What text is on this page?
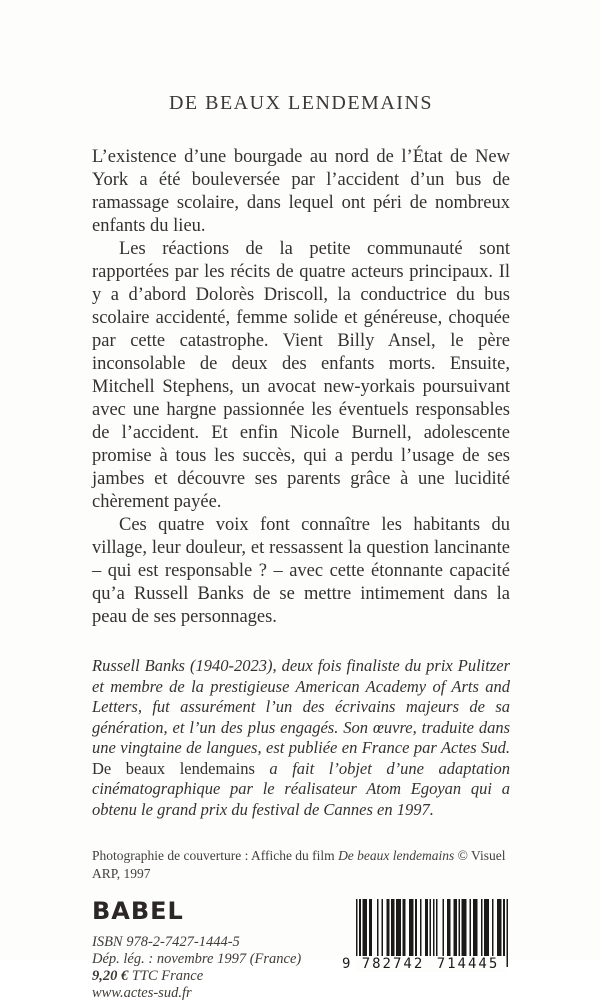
DE BEAUX LENDEMAINS

L’existence d’une bourgade au nord de l’État de New York a été bouleversée par l’accident d’un bus de ramassage scolaire, dans lequel ont péri de nombreux enfants du lieu.

Les réactions de la petite communauté sont rapportées par les récits de quatre acteurs principaux. Il y a d’abord Dolorès Driscoll, la conductrice du bus scolaire accidenté, femme solide et généreuse, choquée par cette catastrophe. Vient Billy Ansel, le père inconsolable de deux des enfants morts. Ensuite, Mitchell Stephens, un avocat new-yorkais poursuivant avec une hargne passionnée les éventuels responsables de l’accident. Et enfin Nicole Burnell, adolescente promise à tous les succès, qui a perdu l’usage de ses jambes et découvre ses parents grâce à une lucidité chèrement payée.

Ces quatre voix font connaître les habitants du village, leur douleur, et ressassent la question lancinante – qui est responsable ? – avec cette étonnante capacité qu’a Russell Banks de se mettre intimement dans la peau de ses personnages.

Russell Banks (1940-2023), deux fois finaliste du prix Pulitzer et membre de la prestigieuse American Academy of Arts and Letters, fut assurément l’un des écrivains majeurs de sa génération, et l’un des plus engagés. Son œuvre, traduite dans une vingtaine de langues, est publiée en France par Actes Sud. De beaux lendemains a fait l’objet d’une adaptation cinématographique par le réalisateur Atom Egoyan qui a obtenu le grand prix du festival de Cannes en 1997.
Photographie de couverture : Affiche du film De beaux lendemains © Visuel ARP, 1997

BABEL

ISBN 978-2-7427-1444-5

Dép. lég. : novembre 1997 (France)

9,20 € TTC France

www.actes-sud.fr

9 782742 714445
